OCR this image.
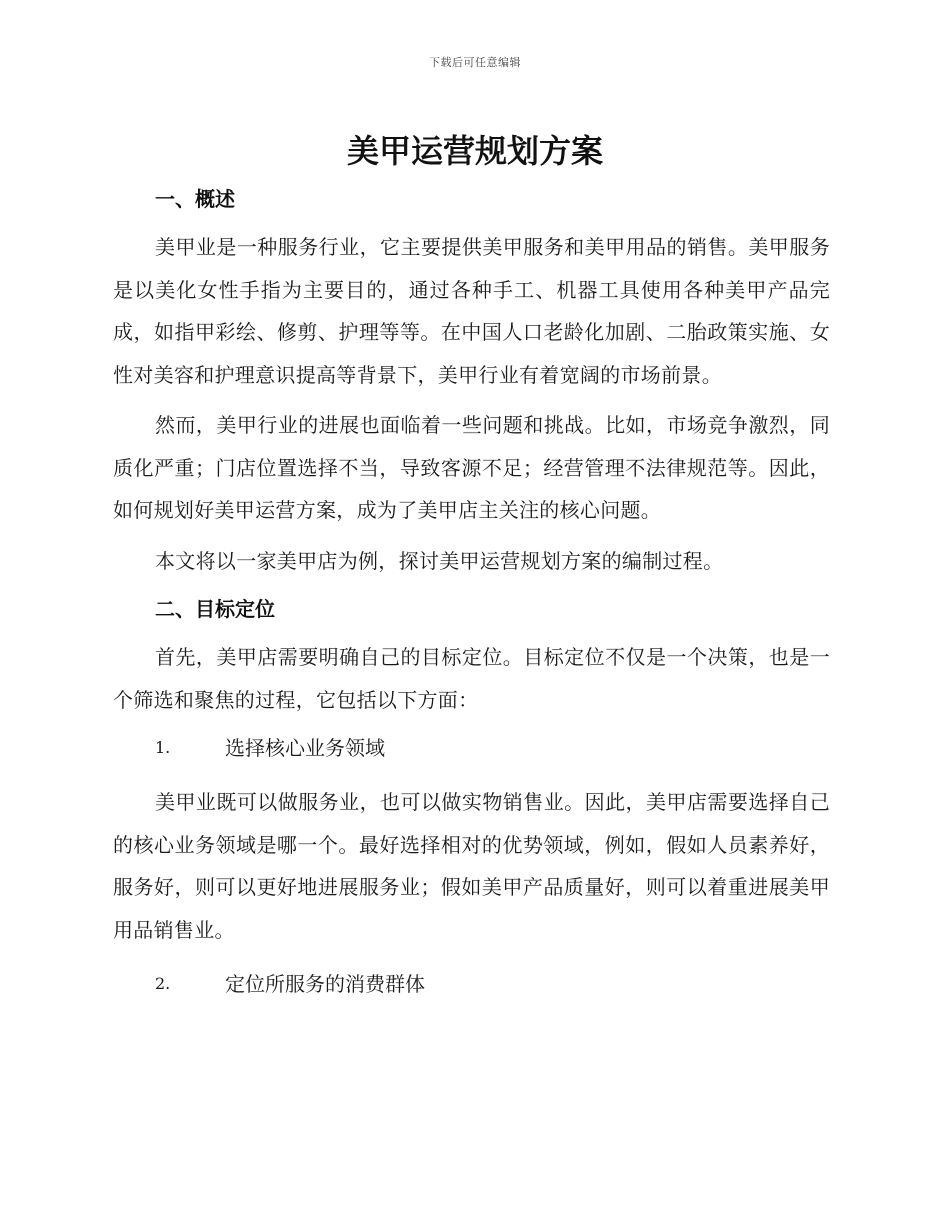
下载后可任意编辑
美甲运营规划方案
一、概述

美甲业是一种服务行业，它主要提供美甲服务和美甲用品的销售。美甲服务是以美化女性手指为主要目的，通过各种手工、机器工具使用各种美甲产品完成，如指甲彩绘、修剪、护理等等。在中国人口老龄化加剧、二胎政策实施、女性对美容和护理意识提高等背景下，美甲行业有着宽阔的市场前景。

然而，美甲行业的进展也面临着一些问题和挑战。比如，市场竞争激烈，同质化严重；门店位置选择不当，导致客源不足；经营管理不法律规范等。因此，如何规划好美甲运营方案，成为了美甲店主关注的核心问题。

本文将以一家美甲店为例，探讨美甲运营规划方案的编制过程。

二、目标定位

首先，美甲店需要明确自己的目标定位。目标定位不仅是一个决策，也是一个筛选和聚焦的过程，它包括以下方面：

1.	选择核心业务领域

美甲业既可以做服务业，也可以做实物销售业。因此，美甲店需要选择自己的核心业务领域是哪一个。最好选择相对的优势领域，例如，假如人员素养好，服务好，则可以更好地进展服务业；假如美甲产品质量好，则可以着重进展美甲用品销售业。

2.	定位所服务的消费群体
